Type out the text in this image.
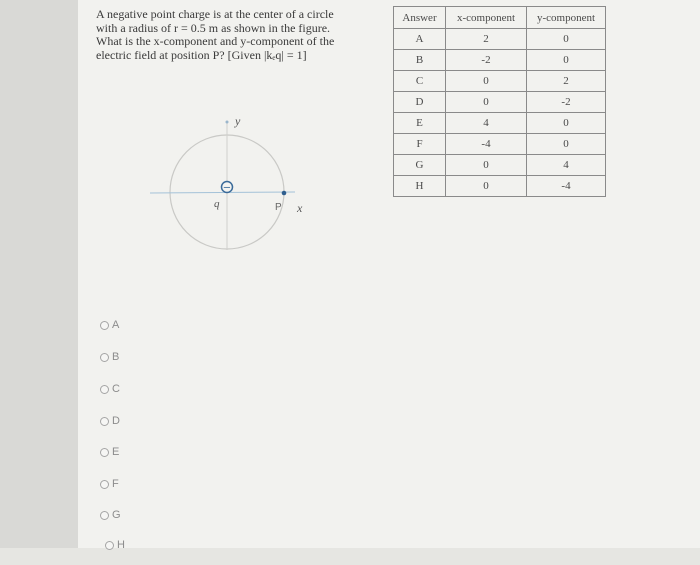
A negative point charge is at the center of a circle
with a radius of r = 0.5 m as shown in the figure.
What is the x-component and y-component of the
electric field at position P? [Given |kₑq| = 1]
Answer	x-component	y-component
A	2	0
B	-2	0
C	0	2
D	0	-2
E	4	0
F	-4	0
G	0	4
H	0	-4
−
y
x
q	P
A
B
C
D
E
F
G
H
